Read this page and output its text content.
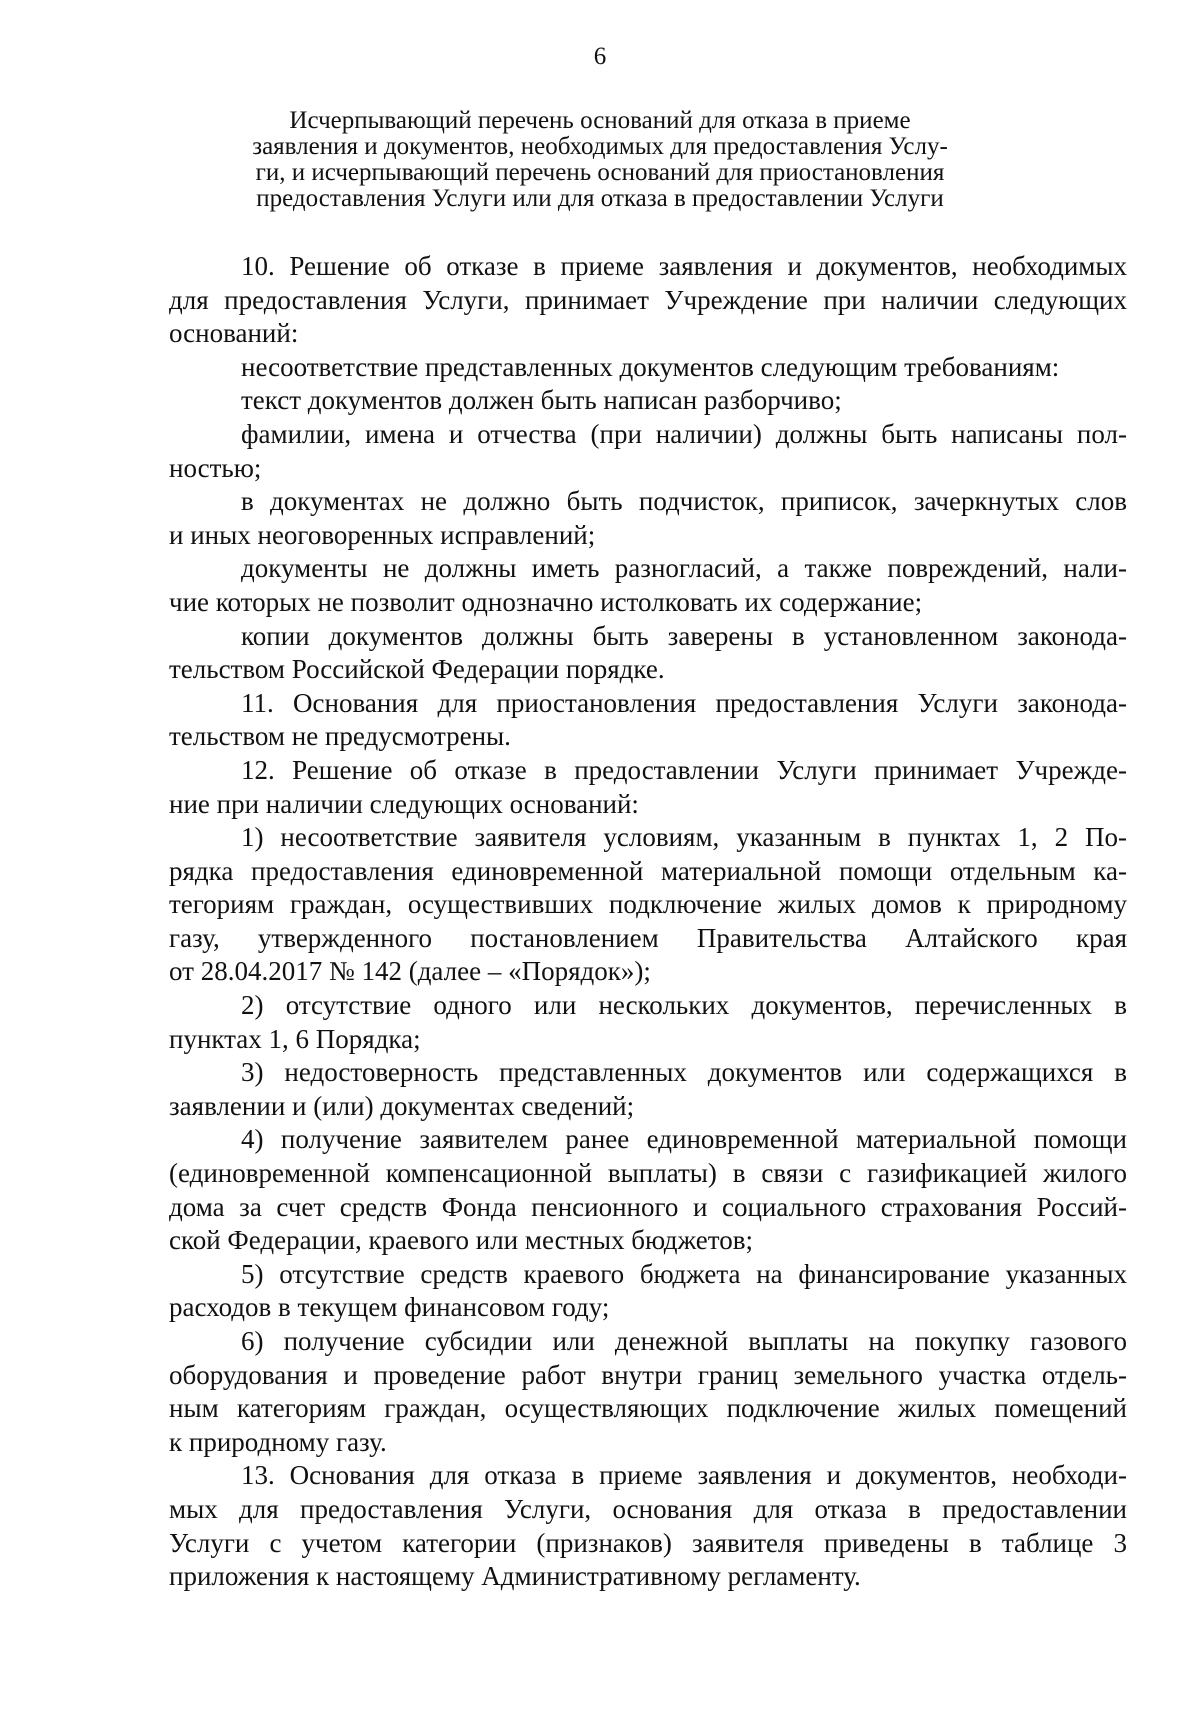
6
Исчерпывающий перечень оснований для отказа в приеме
заявления и документов, необходимых для предоставления Услу-
ги, и исчерпывающий перечень оснований для приостановления
предоставления Услуги или для отказа в предоставлении Услуги
10. Решение об отказе в приеме заявления и документов, необходимых
для предоставления Услуги, принимает Учреждение при наличии следующих
оснований:
несоответствие представленных документов следующим требованиям:
текст документов должен быть написан разборчиво;
фамилии, имена и отчества (при наличии) должны быть написаны пол-
ностью;
в документах не должно быть подчисток, приписок, зачеркнутых слов
и иных неоговоренных исправлений;
документы не должны иметь разногласий, а также повреждений, нали-
чие которых не позволит однозначно истолковать их содержание;
копии документов должны быть заверены в установленном законода-
тельством Российской Федерации порядке.
11. Основания для приостановления предоставления Услуги законода-
тельством не предусмотрены.
12. Решение об отказе в предоставлении Услуги принимает Учрежде-
ние при наличии следующих оснований:
1) несоответствие заявителя условиям, указанным в пунктах 1, 2 По-
рядка предоставления единовременной материальной помощи отдельным ка-
тегориям граждан, осуществивших подключение жилых домов к природному
газу, утвержденного постановлением Правительства Алтайского края
от 28.04.2017 № 142 (далее – «Порядок»);
2) отсутствие одного или нескольких документов, перечисленных в
пунктах 1, 6 Порядка;
3) недостоверность представленных документов или содержащихся в
заявлении и (или) документах сведений;
4) получение заявителем ранее единовременной материальной помощи
(единовременной компенсационной выплаты) в связи с газификацией жилого
дома за счет средств Фонда пенсионного и социального страхования Россий-
ской Федерации, краевого или местных бюджетов;
5) отсутствие средств краевого бюджета на финансирование указанных
расходов в текущем финансовом году;
6) получение субсидии или денежной выплаты на покупку газового
оборудования и проведение работ внутри границ земельного участка отдель-
ным категориям граждан, осуществляющих подключение жилых помещений
к природному газу.
13. Основания для отказа в приеме заявления и документов, необходи-
мых для предоставления Услуги, основания для отказа в предоставлении
Услуги с учетом категории (признаков) заявителя приведены в таблице 3
приложения к настоящему Административному регламенту.
